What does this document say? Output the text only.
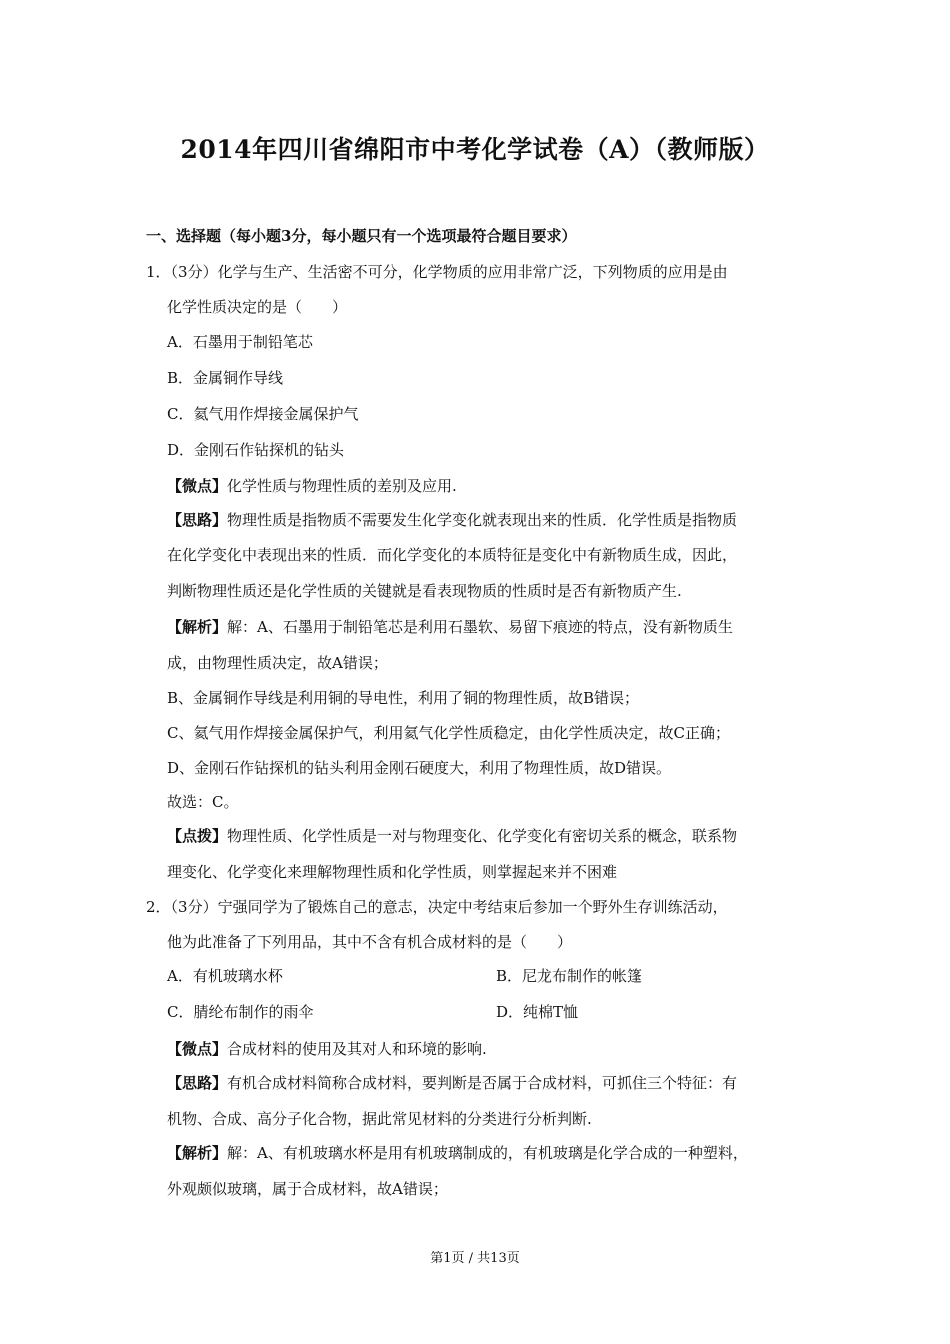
2014年四川省绵阳市中考化学试卷（A）（教师版）
一、选择题（每小题3分，每小题只有一个选项最符合题目要求）
1．（3分）化学与生产、生活密不可分，化学物质的应用非常广泛，下列物质的应用是由
化学性质决定的是（　　）
A．石墨用于制铅笔芯
B．金属铜作导线
C．氦气用作焊接金属保护气
D．金刚石作钻探机的钻头
【微点】化学性质与物理性质的差别及应用.
【思路】物理性质是指物质不需要发生化学变化就表现出来的性质．化学性质是指物质
在化学变化中表现出来的性质．而化学变化的本质特征是变化中有新物质生成，因此，
判断物理性质还是化学性质的关键就是看表现物质的性质时是否有新物质产生.
【解析】解：A、石墨用于制铅笔芯是利用石墨软、易留下痕迹的特点，没有新物质生
成，由物理性质决定，故A错误；
B、金属铜作导线是利用铜的导电性，利用了铜的物理性质，故B错误；
C、氦气用作焊接金属保护气，利用氦气化学性质稳定，由化学性质决定，故C正确；
D、金刚石作钻探机的钻头利用金刚石硬度大，利用了物理性质，故D错误。
故选：C。
【点拨】物理性质、化学性质是一对与物理变化、化学变化有密切关系的概念，联系物
理变化、化学变化来理解物理性质和化学性质，则掌握起来并不困难
2．（3分）宁强同学为了锻炼自己的意志，决定中考结束后参加一个野外生存训练活动，
他为此准备了下列用品，其中不含有机合成材料的是（　　）
A．有机玻璃水杯	B．尼龙布制作的帐篷
C．腈纶布制作的雨伞	D．纯棉T恤
【微点】合成材料的使用及其对人和环境的影响.
【思路】有机合成材料简称合成材料，要判断是否属于合成材料，可抓住三个特征：有
机物、合成、高分子化合物，据此常见材料的分类进行分析判断.
【解析】解：A、有机玻璃水杯是用有机玻璃制成的，有机玻璃是化学合成的一种塑料，
外观颇似玻璃，属于合成材料，故A错误；
第1页 / 共13页
